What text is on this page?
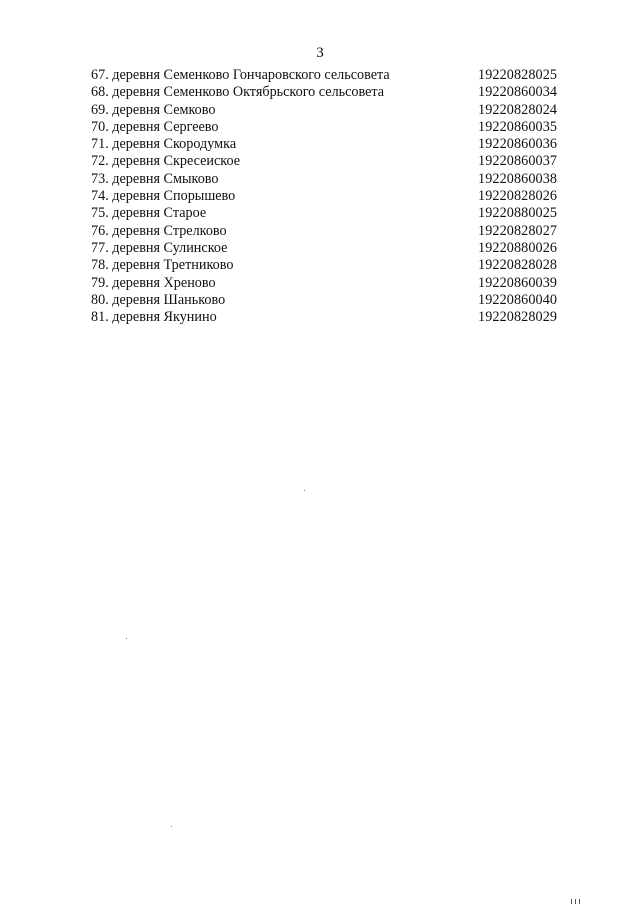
3
67. деревня Семенково Гончаровского сельсовета	19220828025
68. деревня Семенково Октябрьского сельсовета	19220860034
69. деревня Семково	19220828024
70. деревня Сергеево	19220860035
71. деревня Скородумка	19220860036
72. деревня Скресеиское	19220860037
73. деревня Смыково	19220860038
74. деревня Спорышево	19220828026
75. деревня Старое	19220880025
76. деревня Стрелково	19220828027
77. деревня Сулинское	19220880026
78. деревня Третниково	19220828028
79. деревня Хреново	19220860039
80. деревня Шаньково	19220860040
81. деревня Якунино	19220828029
